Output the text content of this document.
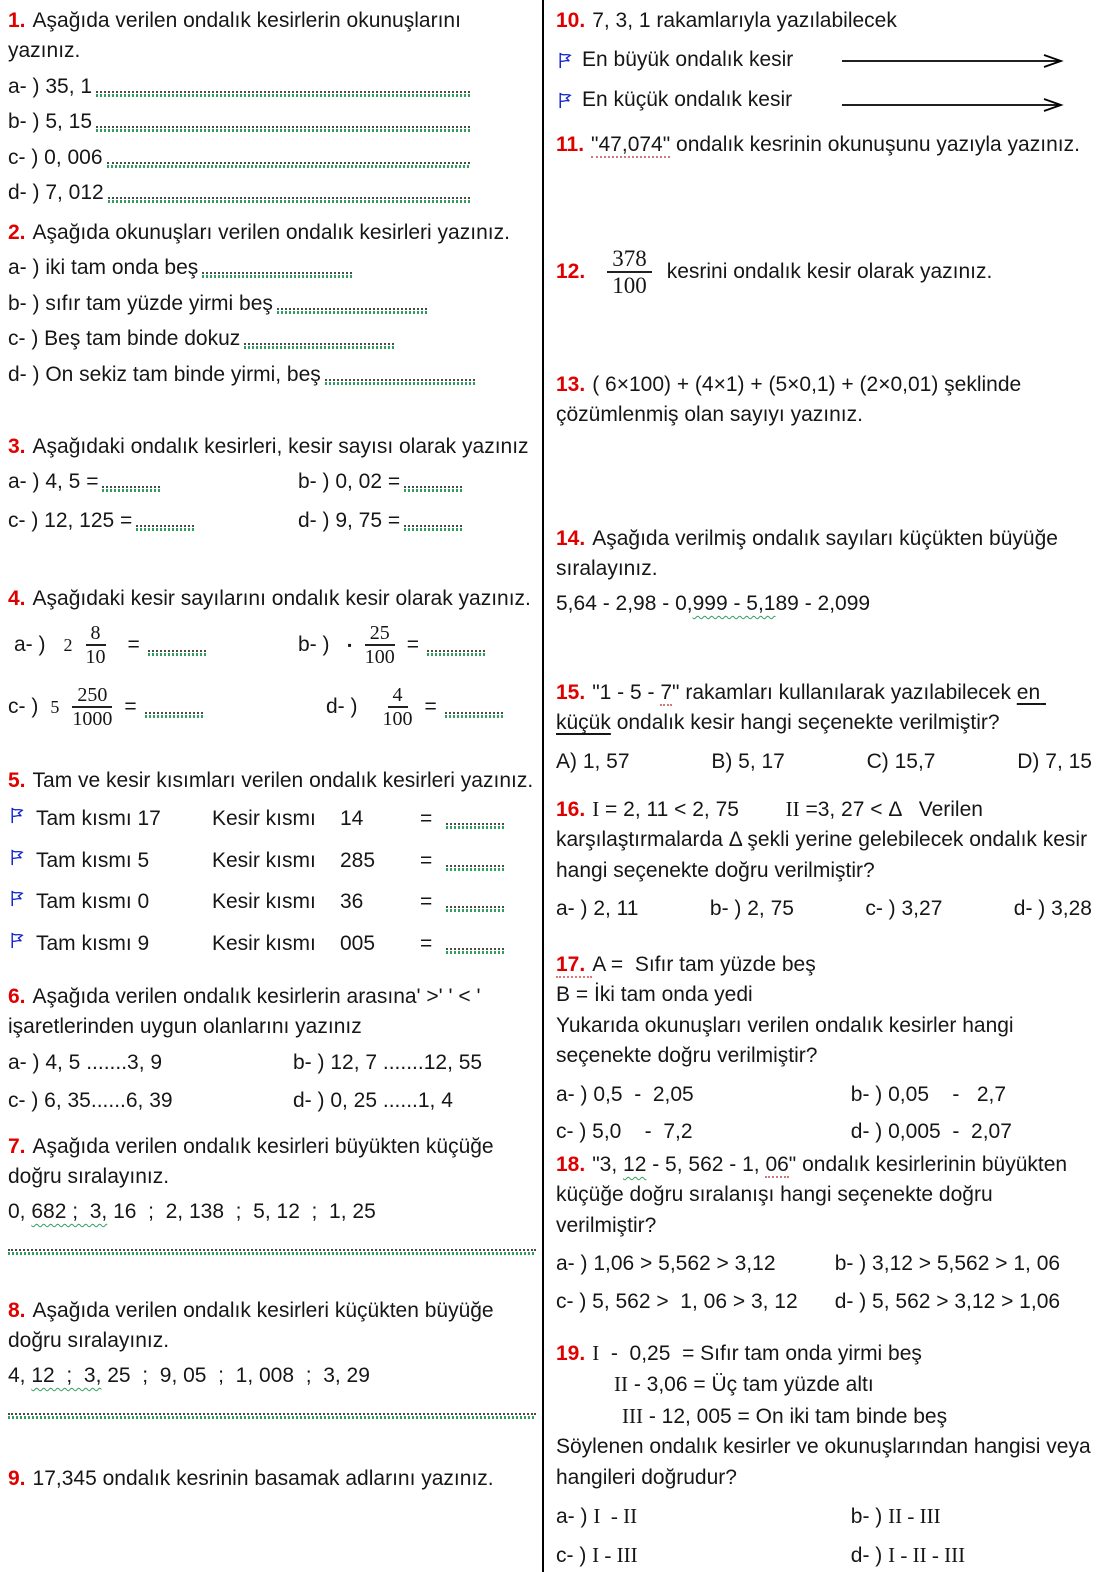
1. Aşağıda verilen ondalık kesirlerin okunuşlarını yazınız.

a- ) 35, 1
b- ) 5, 15
c- ) 0, 006
d- ) 7, 012

2. Aşağıda okunuşları verilen ondalık kesirleri yazınız.

a- ) iki tam onda beş
b- ) sıfır tam yüzde yirmi beş
c- ) Beş tam binde dokuz
d- ) On sekiz tam binde yirmi, beş

3. Aşağıdaki ondalık kesirleri, kesir sayısı olarak yazınız

a- ) 4, 5 =	b- ) 0, 02 =
c- ) 12, 125 =	d- ) 9, 75 =

4. Aşağıdaki kesir sayılarını ondalık kesir olarak yazınız.

a- ) $2 \frac{8}{10}$ =	b- ) ▪ $\frac{25}{100}$ =
c- ) $5 \frac{250}{1000}$ =	d- ) $\frac{4}{100}$ =

5. Tam ve kesir kısımları verilen ondalık kesirleri yazınız.

Tam kısmı 17	Kesir kısmı	14	=
Tam kısmı 5	Kesir kısmı	285	=
Tam kısmı 0	Kesir kısmı	36	=
Tam kısmı 9	Kesir kısmı	005	=

6. Aşağıda verilen ondalık kesirlerin arasına' >' ' < ' işaretlerinden uygun olanlarını yazınız

a- ) 4, 5 .......3, 9	b- ) 12, 7 .......12, 55
c- ) 6, 35......6, 39	d- ) 0, 25 ......1, 4

7. Aşağıda verilen ondalık kesirleri büyükten küçüğe doğru sıralayınız.

0, 682 ;  3, 16  ;  2, 138  ;  5, 12  ;  1, 25

8. Aşağıda verilen ondalık kesirleri küçükten büyüğe doğru sıralayınız.

4, 12  ;  3, 25  ;  9, 05  ;  1, 008  ;  3, 29

9. 17,345 ondalık kesrinin basamak adlarını yazınız.

10. 7, 3, 1 rakamlarıyla yazılabilecek

En büyük ondalık kesir
En küçük ondalık kesir

11. "47,074" ondalık kesrinin okunuşunu yazıyla yazınız.

12. $\frac{378}{100}$ kesrini ondalık kesir olarak yazınız.

13. ( 6×100) + (4×1) + (5×0,1) + (2×0,01) şeklinde çözümlenmiş olan sayıyı yazınız.

14. Aşağıda verilmiş ondalık sayıları küçükten büyüğe sıralayınız.

5,64 - 2,98 - 0,999 - 5,189 - 2,099

15. "1 - 5 - 7" rakamları kullanılarak yazılabilecek en küçük ondalık kesir hangi seçenekte verilmiştir?

A) 1, 57	B) 5, 17	C) 15,7	D) 7, 15

16. I = 2, 11 < 2, 75        II =3, 27 < Δ   Verilen karşılaştırmalarda Δ şekli yerine gelebilecek ondalık kesir hangi seçenekte doğru verilmiştir?

a- ) 2, 11	b- ) 2, 75	c- ) 3,27	d- ) 3,28

17. A =  Sıfır tam yüzde beş

B = İki tam onda yedi

Yukarıda okunuşları verilen ondalık kesirler hangi seçenekte doğru verilmiştir?

a- ) 0,5  -  2,05	b- ) 0,05    -   2,7
c- ) 5,0    -  7,2	d- ) 0,005  -  2,07

18. "3, 12 - 5, 562 - 1, 06" ondalık kesirlerinin büyükten küçüğe doğru sıralanışı hangi seçenekte doğru verilmiştir?

a- ) 1,06 > 5,562 > 3,12	b- ) 3,12 > 5,562 > 1, 06
c- ) 5, 562 >  1, 06 > 3, 12	d- ) 5, 562 > 3,12 > 1,06

19. I  -  0,25  = Sıfır tam onda yirmi beş

II - 3,06 = Üç tam yüzde altı

III - 12, 005 = On iki tam binde beş

Söylenen ondalık kesirler ve okunuşlarından hangisi veya hangileri doğrudur?

a- ) I  - II	b- ) II - III
c- ) I - III	d- ) I - II - III
